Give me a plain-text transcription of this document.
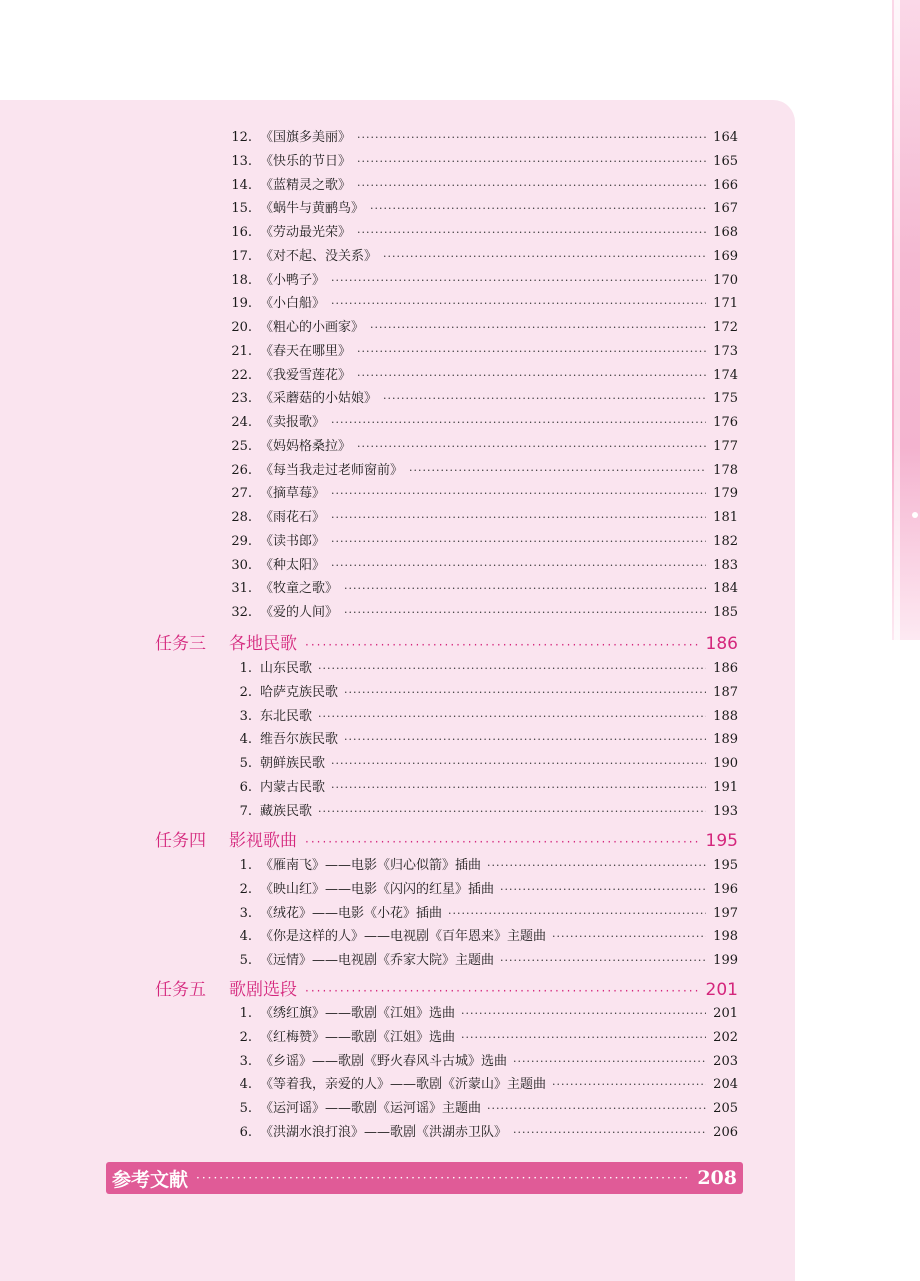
12. 《国旗多美丽》 ·····	164
13. 《快乐的节日》 ·····	165
14. 《蓝精灵之歌》 ·····	166
15. 《蜗牛与黄鹂鸟》 ·····	167
16. 《劳动最光荣》 ·····	168
17. 《对不起、没关系》 ·····	169
18. 《小鸭子》 ·····	170
19. 《小白船》 ·····	171
20. 《粗心的小画家》 ·····	172
21. 《春天在哪里》 ·····	173
22. 《我爱雪莲花》 ·····	174
23. 《采蘑菇的小姑娘》 ·····	175
24. 《卖报歌》 ·····	176
25. 《妈妈格桑拉》 ·····	177
26. 《每当我走过老师窗前》 ·····	178
27. 《摘草莓》 ·····	179
28. 《雨花石》 ·····	181
29. 《读书郎》 ·····	182
30. 《种太阳》 ·····	183
31. 《牧童之歌》 ·····	184
32. 《爱的人间》 ·····	185
任务三	各地民歌 ·····	186
1. 山东民歌 ·····	186
2. 哈萨克族民歌 ·····	187
3. 东北民歌 ·····	188
4. 维吾尔族民歌 ·····	189
5. 朝鲜族民歌 ·····	190
6. 内蒙古民歌 ·····	191
7. 藏族民歌 ·····	193
任务四	影视歌曲 ·····	195
1. 《雁南飞》——电影《归心似箭》插曲 ·····	195
2. 《映山红》——电影《闪闪的红星》插曲 ·····	196
3. 《绒花》——电影《小花》插曲 ·····	197
4. 《你是这样的人》——电视剧《百年恩来》主题曲 ·····	198
5. 《远情》——电视剧《乔家大院》主题曲 ·····	199
任务五	歌剧选段 ·····	201
1. 《绣红旗》——歌剧《江姐》选曲 ·····	201
2. 《红梅赞》——歌剧《江姐》选曲 ·····	202
3. 《乡谣》——歌剧《野火春风斗古城》选曲 ·····	203
4. 《等着我，亲爱的人》——歌剧《沂蒙山》主题曲 ·····	204
5. 《运河谣》——歌剧《运河谣》主题曲 ·····	205
6. 《洪湖水浪打浪》——歌剧《洪湖赤卫队》 ·····	206
参考文献 ·····	208
